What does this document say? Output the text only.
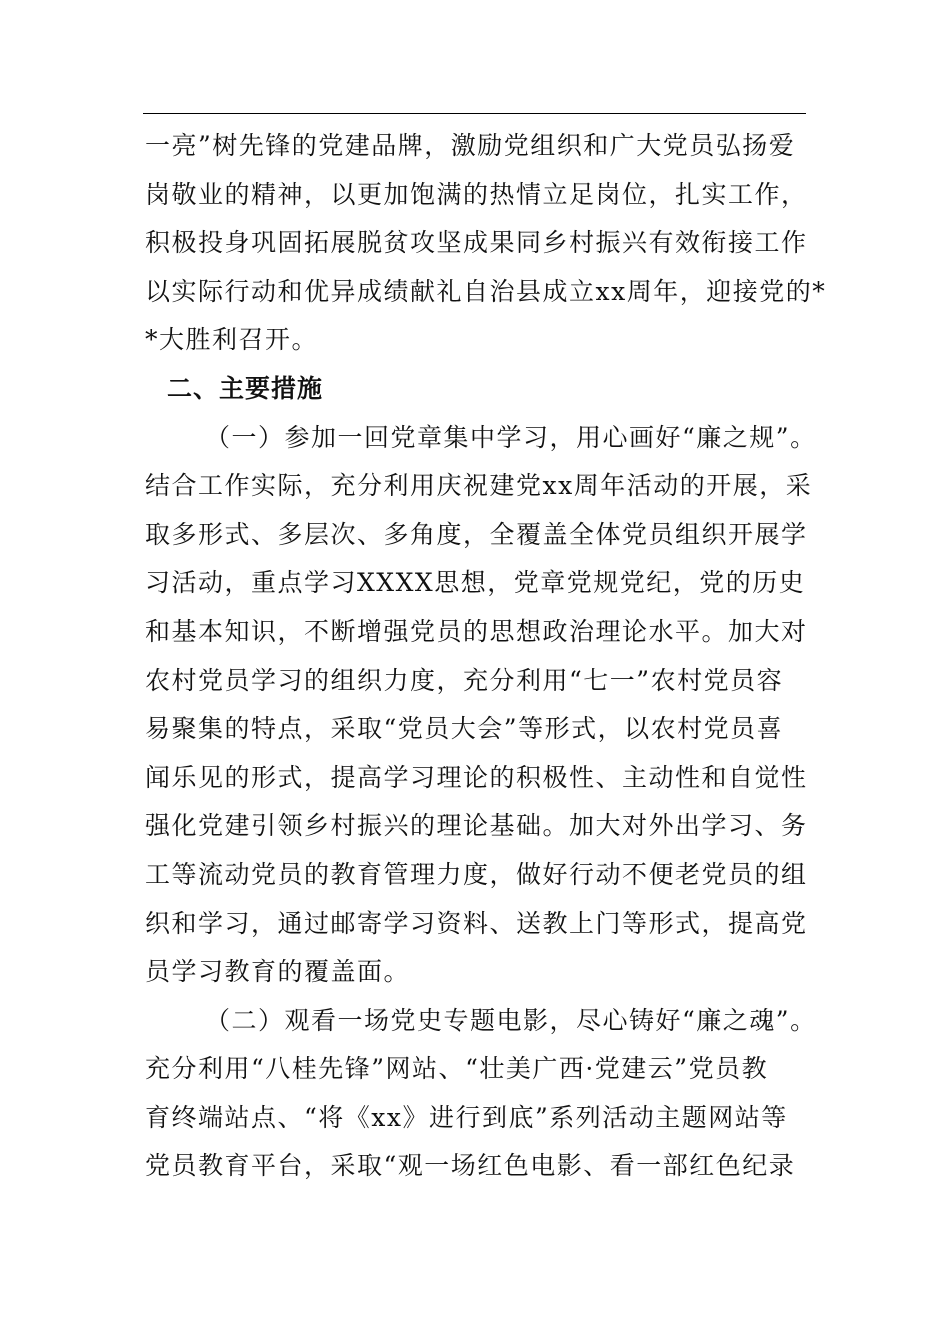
一亮”树先锋的党建品牌，激励党组织和广大党员弘扬爱
岗敬业的精神，以更加饱满的热情立足岗位，扎实工作，
积极投身巩固拓展脱贫攻坚成果同乡村振兴有效衔接工作
以实际行动和优异成绩献礼自治县成立xx周年，迎接党的*
*大胜利召开。
二、主要措施
（一）参加一回党章集中学习，用心画好“廉之规”。
结合工作实际，充分利用庆祝建党xx周年活动的开展，采
取多形式、多层次、多角度，全覆盖全体党员组织开展学
习活动，重点学习XXXX思想，党章党规党纪，党的历史
和基本知识，不断增强党员的思想政治理论水平。加大对
农村党员学习的组织力度，充分利用“七一”农村党员容
易聚集的特点，采取“党员大会”等形式，以农村党员喜
闻乐见的形式，提高学习理论的积极性、主动性和自觉性
强化党建引领乡村振兴的理论基础。加大对外出学习、务
工等流动党员的教育管理力度，做好行动不便老党员的组
织和学习，通过邮寄学习资料、送教上门等形式，提高党
员学习教育的覆盖面。
（二）观看一场党史专题电影，尽心铸好“廉之魂”。
充分利用“八桂先锋”网站、“壮美广西·党建云”党员教
育终端站点、“将《xx》进行到底”系列活动主题网站等
党员教育平台，采取“观一场红色电影、看一部红色纪录
